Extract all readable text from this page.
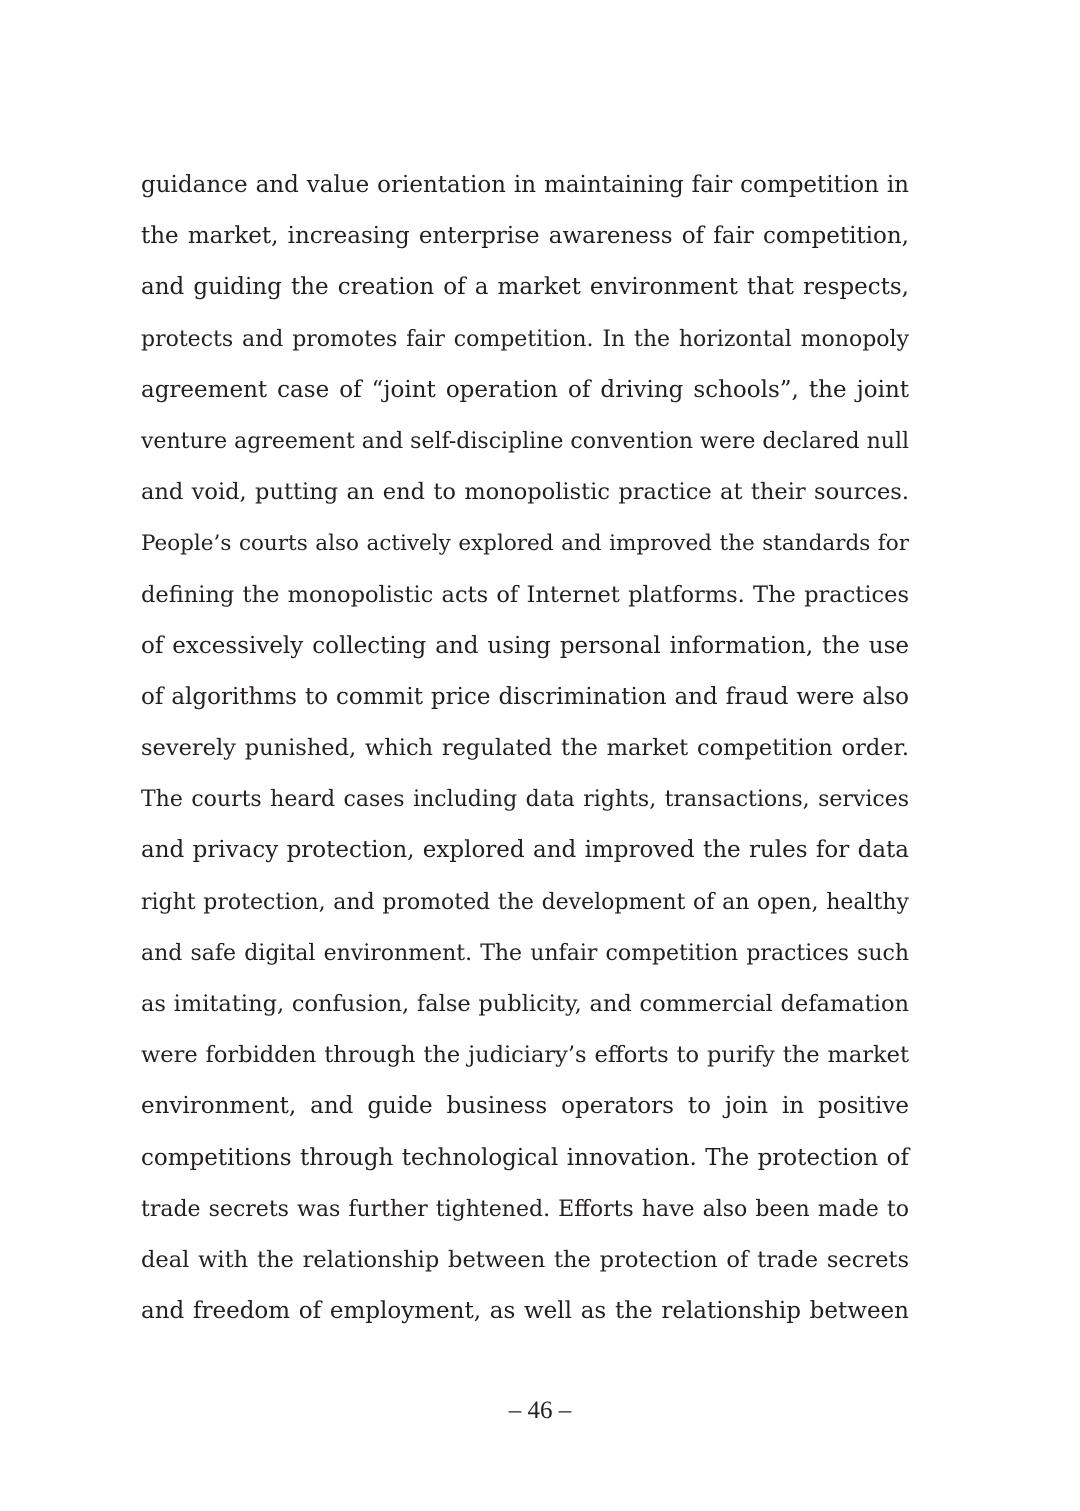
guidance and value orientation in maintaining fair competition in
the market, increasing enterprise awareness of fair competition,
and guiding the creation of a market environment that respects,
protects and promotes fair competition. In the horizontal monopoly
agreement case of “joint operation of driving schools”, the joint
venture agreement and self-discipline convention were declared null
and void, putting an end to monopolistic practice at their sources.
People’s courts also actively explored and improved the standards for
defining the monopolistic acts of Internet platforms. The practices
of excessively collecting and using personal information, the use
of algorithms to commit price discrimination and fraud were also
severely punished, which regulated the market competition order.
The courts heard cases including data rights, transactions, services
and privacy protection, explored and improved the rules for data
right protection, and promoted the development of an open, healthy
and safe digital environment. The unfair competition practices such
as imitating, confusion, false publicity, and commercial defamation
were forbidden through the judiciary’s efforts to purify the market
environment, and guide business operators to join in positive
competitions through technological innovation. The protection of
trade secrets was further tightened. Efforts have also been made to
deal with the relationship between the protection of trade secrets
and freedom of employment, as well as the relationship between
– 46 –
